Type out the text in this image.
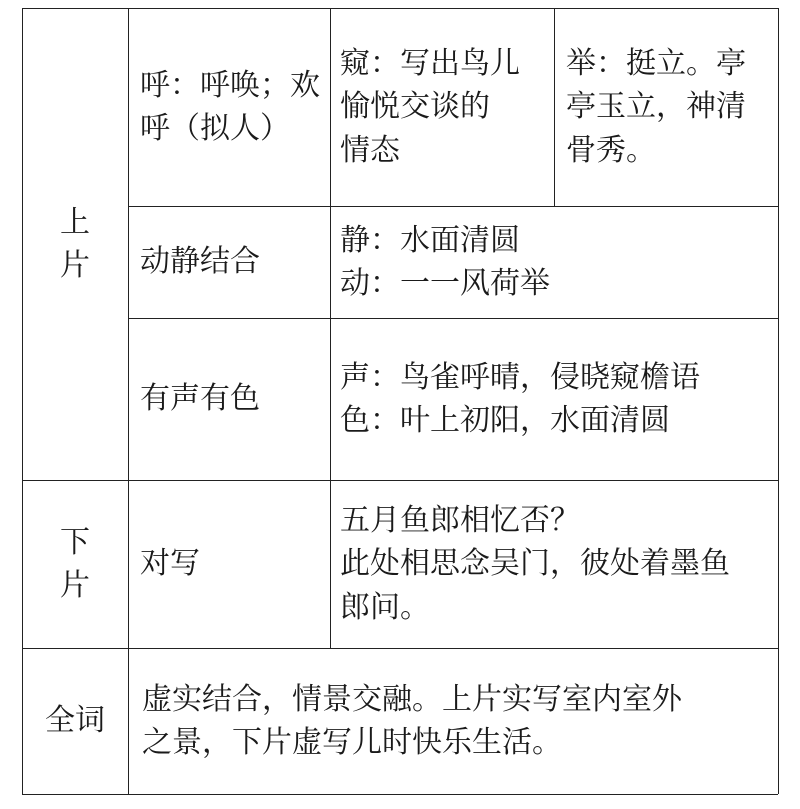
上
片
下
片
全词
呼：呼唤；欢
呼（拟人）
窥：写出鸟儿
愉悦交谈的
情态
举：挺立。亭
亭玉立，神清
骨秀。
动静结合
静：水面清圆
动：一一风荷举
有声有色
声：鸟雀呼晴，侵晓窥檐语
色：叶上初阳，水面清圆
对写
五月鱼郎相忆否？
此处相思念吴门，彼处着墨鱼
郎问。
虚实结合，情景交融。上片实写室内室外
之景，下片虚写儿时快乐生活。
